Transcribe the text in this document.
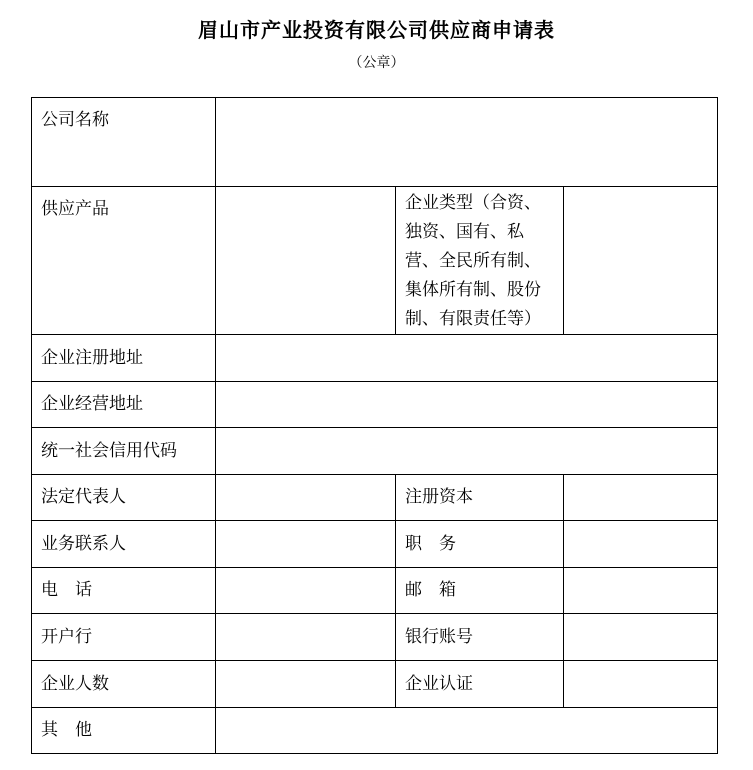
眉山市产业投资有限公司供应商申请表
（公章）
公司名称			
供应产品		企业类型（合资、独资、国有、私营、全民所有制、集体所有制、股份制、有限责任等）	
企业注册地址			
企业经营地址			
统一社会信用代码			
法定代表人		注册资本	
业务联系人		职　务	
电　话		邮　箱	
开户行		银行账号	
企业人数		企业认证	
其　他			
